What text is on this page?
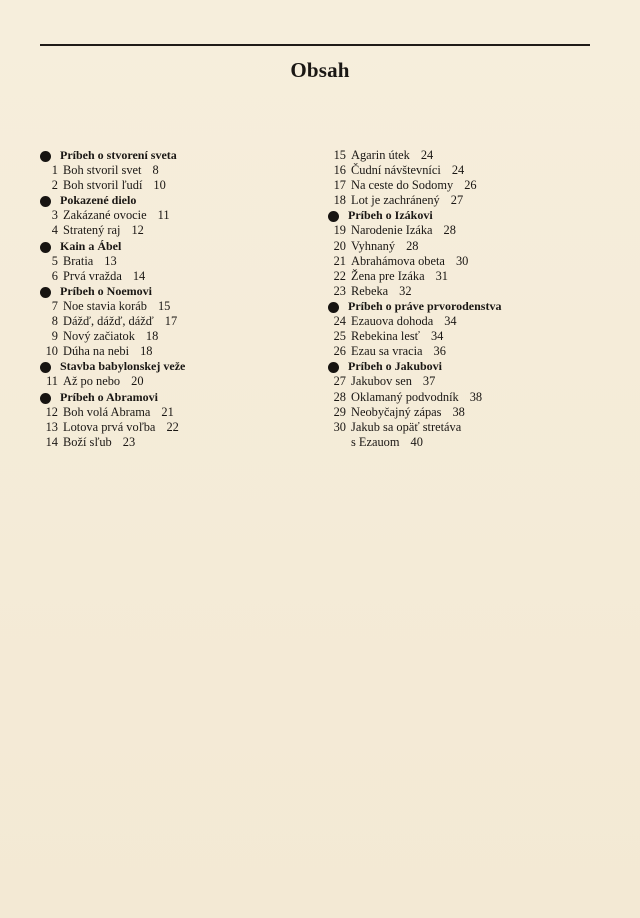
Obsah
Príbeh o stvorení sveta
1 Boh stvoril svet 8
2 Boh stvoril ľudí 10
Pokazené dielo
3 Zakázané ovocie 11
4 Stratený raj 12
Kain a Ábel
5 Bratia 13
6 Prvá vražda 14
Príbeh o Noemovi
7 Noe stavia koráb 15
8 Dážď, dážď, dážď 17
9 Nový začiatok 18
10 Dúha na nebi 18
Stavba babylonskej veže
11 Až po nebo 20
Príbeh o Abramovi
12 Boh volá Abrama 21
13 Lotova prvá voľba 22
14 Boží sľub 23
15 Agarin útek 24
16 Čudní návštevníci 24
17 Na ceste do Sodomy 26
18 Lot je zachránený 27
Príbeh o Izákovi
19 Narodenie Izáka 28
20 Vyhnaný 28
21 Abrahámova obeta 30
22 Žena pre Izáka 31
23 Rebeka 32
Príbeh o práve prvorodenstva
24 Ezauova dohoda 34
25 Rebekina lesť 34
26 Ezau sa vracia 36
Príbeh o Jakubovi
27 Jakubov sen 37
28 Oklamaný podvodník 38
29 Neobyčajný zápas 38
30 Jakub sa opäť stretáva
s Ezauom 40
